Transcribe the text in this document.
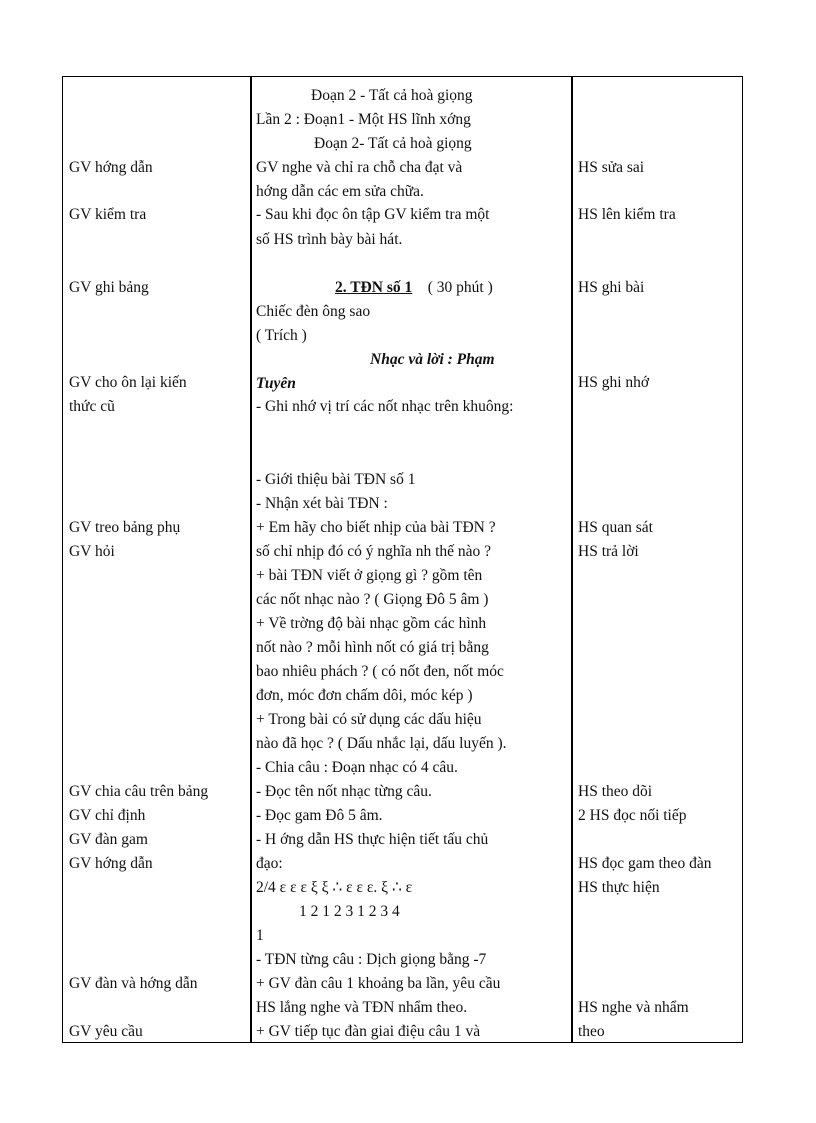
GV hớng dẫn
GV kiểm tra
GV ghi bảng
GV cho ôn lại kiến
thức cũ
GV treo bảng phụ
GV hỏi
GV chia câu trên bảng
GV chỉ định
GV đàn gam
GV hớng dẫn
GV đàn và hớng dẫn
GV yêu cầu
2. TĐN số 1 ( 30 phút )
Nhạc và lời : Phạm
Tuyên
Đoạn 2 - Tất cả hoà giọng
Lần 2 : Đoạn1 - Một HS lĩnh xớng
Đoạn 2- Tất cả hoà giọng
GV nghe và chỉ ra chỗ cha đạt và
hớng dẫn các em sửa chữa.
- Sau khi đọc ôn tập GV kiểm tra một
số HS trình bày bài hát.
Chiếc đèn ông sao
( Trích )
- Ghi nhớ vị trí các nốt nhạc trên khuông:
- Giới thiệu bài TĐN số 1
- Nhận xét bài TĐN :
+ Em hãy cho biết nhịp của bài TĐN ?
số chỉ nhịp đó có ý nghĩa nh thế nào ?
+ bài TĐN viết ở giọng gì ? gồm tên
các nốt nhạc nào ? ( Giọng Đô 5 âm )
+ Về trờng độ bài nhạc gồm các hình
nốt nào ? mỗi hình nốt có giá trị bằng
bao nhiêu phách ? ( có nốt đen, nốt móc
đơn, móc đơn chấm dôi, móc kép )
+ Trong bài có sử dụng các dấu hiệu
nào đã học ? ( Dấu nhắc lại, dấu luyến ).
- Chia câu : Đoạn nhạc có 4 câu.
- Đọc tên nốt nhạc từng câu.
- Đọc gam Đô 5 âm.
- H ớng dẫn HS thực hiện tiết tấu chủ
đạo:
2/4 ε ε ε ξ ξ ∴ ε ε ε. ξ ∴ ε
1 2 1 2 3 1 2 3 4
1
- TĐN từng câu : Dịch giọng bằng -7
+ GV đàn câu 1 khoảng ba lần, yêu cầu
HS lắng nghe và TĐN nhẩm theo.
+ GV tiếp tục đàn giai điệu câu 1 và
HS sửa sai
HS lên kiểm tra
HS ghi bài
HS ghi nhớ
HS quan sát
HS trả lời
HS theo dõi
2 HS đọc nối tiếp
HS đọc gam theo đàn
HS thực hiện
HS nghe và nhẩm
theo
